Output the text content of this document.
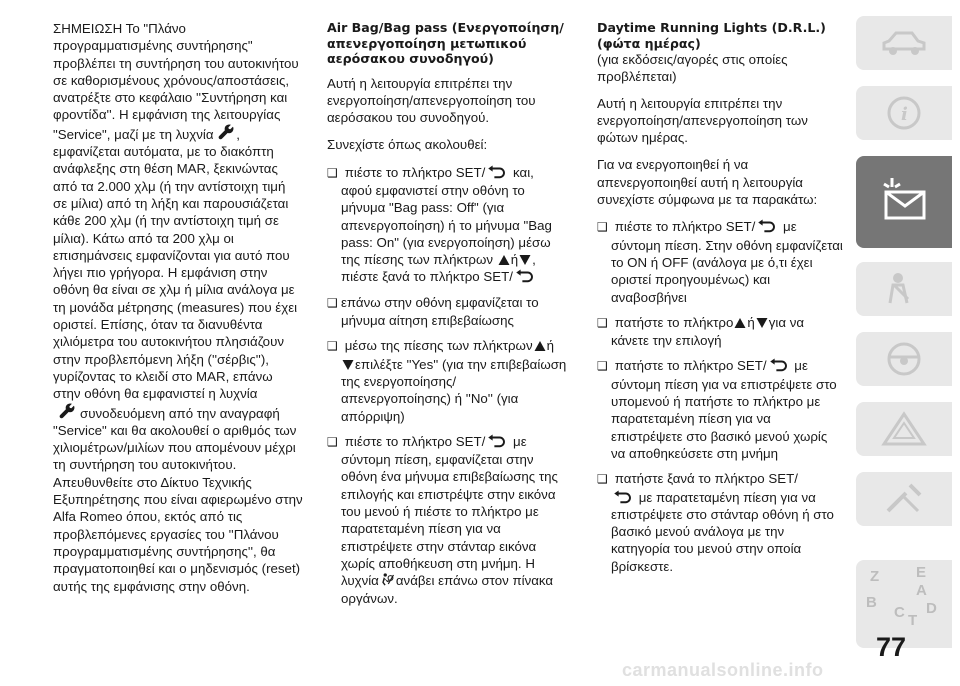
ΣΗΜΕΙΩΣΗ Το "Πλάνο προγραμματισμένης συντήρησης" προβλέπει τη συντήρηση του αυτοκινήτου σε καθορισμένους χρόνους/αποστάσεις, ανατρέξτε στο κεφάλαιο ''Συντήρηση και φροντίδα''. Η εμφάνιση της λειτουργίας "Service", μαζί με τη λυχνία , εμφανίζεται αυτόματα, με το διακόπτη ανάφλεξης στη θέση MAR, ξεκινώντας από τα 2.000 χλμ (ή την αντίστοιχη τιμή σε μίλια) από τη λήξη και παρουσιάζεται κάθε 200 χλμ (ή την αντίστοιχη τιμή σε μίλια). Κάτω από τα 200 χλμ οι επισημάνσεις εμφανίζονται για αυτό που λήγει πιο γρήγορα. Η εμφάνιση στην οθόνη θα είναι σε χλμ ή μίλια ανάλογα με τη μονάδα μέτρησης (measures) που έχει οριστεί. Επίσης, όταν τα διανυθέντα χιλιόμετρα του αυτοκινήτου πλησιάζουν στην προβλεπόμενη λήξη (''σέρβις''), γυρίζοντας το κλειδί στο MAR, επάνω στην οθόνη θα εμφανιστεί η λυχνία
συνοδευόμενη από την αναγραφή "Service" και θα ακολουθεί ο αριθμός των χιλιομέτρων/μιλίων που απομένουν μέχρι τη συντήρηση του αυτοκινήτου. Απευθυνθείτε στο Δίκτυο Τεχνικής Εξυπηρέτησης που είναι αφιερωμένο στην Alfa Romeo όπου, εκτός από τις προβλεπόμενες εργασίες του ''Πλάνου προγραμματισμένης συντήρησης'', θα πραγματοποιηθεί και ο μηδενισμός (reset) αυτής της εμφάνισης στην οθόνη.

Air Bag/Bag pass (Ενεργοποίηση/απενεργοποίηση μετωπικού αερόσακου συνοδηγού)

Αυτή η λειτουργία επιτρέπει την ενεργοποίηση/απενεργοποίηση του αερόσακου του συνοδηγού.

Συνεχίστε όπως ακολουθεί:

❑ πιέστε το πλήκτρο SET/ και, αφού εμφανιστεί στην οθόνη το μήνυμα "Bag pass: Off" (για απενεργοποίηση) ή το μήνυμα "Bag pass: On" (για ενεργοποίηση) μέσω της πίεσης των πλήκτρων ή , πιέστε ξανά το πλήκτρο SET/
❑ επάνω στην οθόνη εμφανίζεται το μήνυμα αίτηση επιβεβαίωσης
❑ μέσω της πίεσης των πλήκτρων ή επιλέξτε ''Yes'' (για την επιβεβαίωση της ενεργοποίησης/ απενεργοποίησης) ή ''No'' (για απόρριψη)
❑ πιέστε το πλήκτρο SET/ με σύντομη πίεση, εμφανίζεται στην οθόνη ένα μήνυμα επιβεβαίωσης της επιλογής και επιστρέψτε στην εικόνα του μενού ή πιέστε το πλήκτρο με παρατεταμένη πίεση για να επιστρέψετε στην στάνταρ εικόνα χωρίς αποθήκευση στη μνήμη. Η λυχνία ανάβει επάνω στον πίνακα οργάνων.
Daytime Running Lights (D.R.L.) (φώτα ημέρας)
(για εκδόσεις/αγορές στις οποίες προβλέπεται)

Αυτή η λειτουργία επιτρέπει την ενεργοποίηση/απενεργοποίηση των φώτων ημέρας.

Για να ενεργοποιηθεί ή να απενεργοποιηθεί αυτή η λειτουργία συνεχίστε σύμφωνα με τα παρακάτω:

❑ πιέστε το πλήκτρο SET/ με σύντομη πίεση. Στην οθόνη εμφανίζεται το ON ή OFF (ανάλογα με ό,τι έχει οριστεί προηγουμένως) και αναβοσβήνει
❑ πατήστε το πλήκτρο ή για να κάνετε την επιλογή
❑ πατήστε το πλήκτρο SET/ με σύντομη πίεση για να επιστρέψετε στο υπομενού ή πατήστε το πλήκτρο με παρατεταμένη πίεση για να επιστρέψετε στο βασικό μενού χωρίς να αποθηκεύσετε στη μνήμη
❑ πατήστε ξανά το πλήκτρο SET/
με παρατεταμένη πίεση για να επιστρέψετε στο στάνταρ οθόνη ή στο βασικό μενού ανάλογα με την κατηγορία του μενού στην οποία βρίσκεστε.
i
Z E
B
C T
D
A
77
carmanualsonline.info
